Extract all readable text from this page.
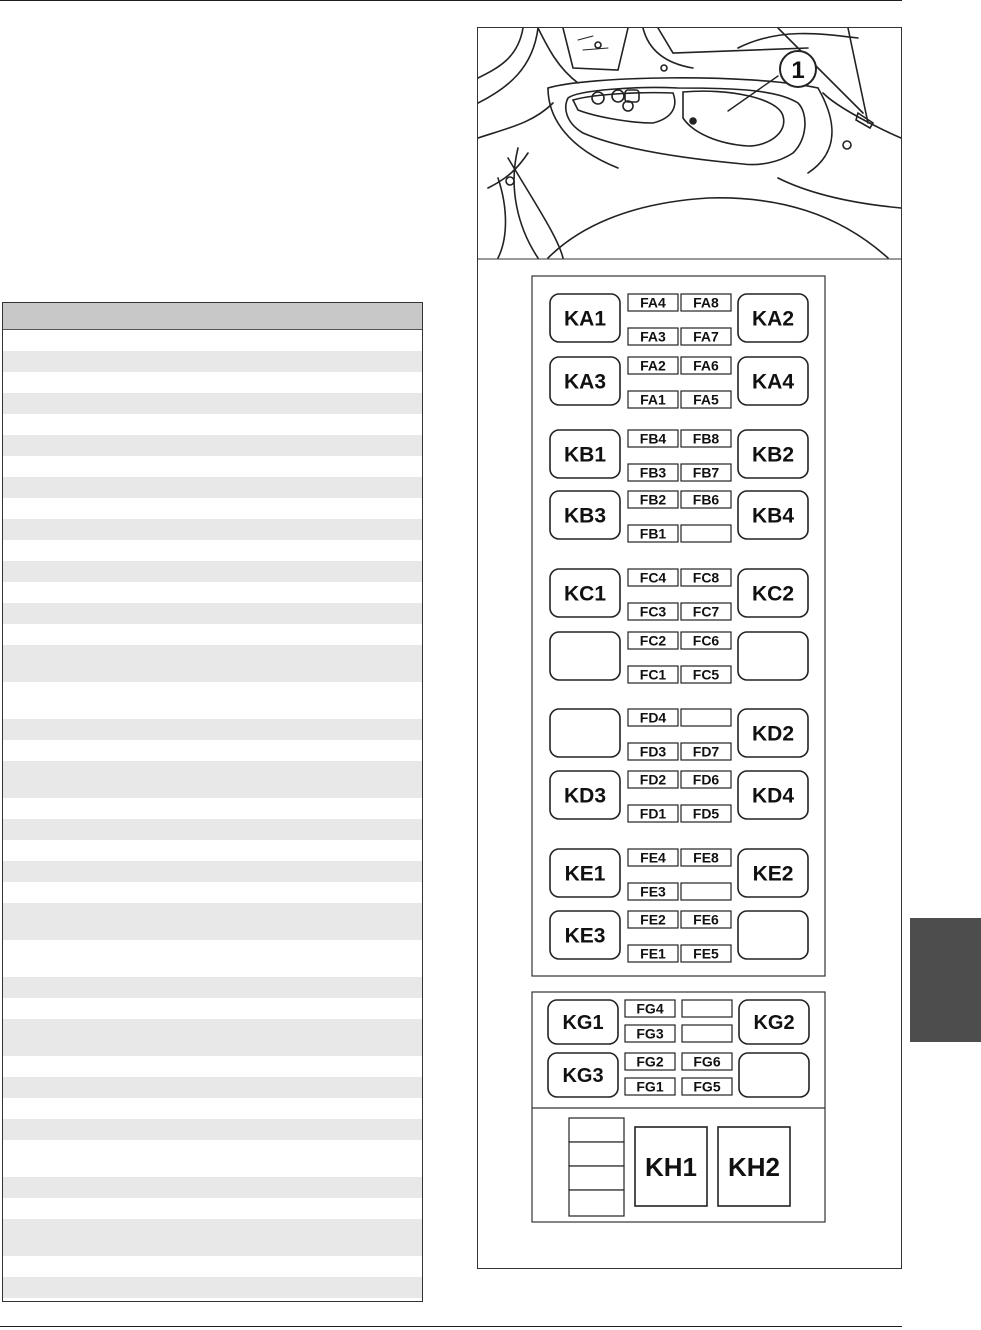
1
KA1	KA2
FA4 FA8
FA3 FA7
KA3	KA4
FA2 FA6
FA1 FA5
KB1	KB2
FB4 FB8
FB3 FB7
KB3	KB4
FB2 FB6
FB1
KC1	KC2
FC4 FC8
FC3 FC7
FC2 FC6
FC1 FC5
KD2
FD4
FD3 FD7
KD3	KD4
FD2 FD6
FD1 FD5
KE1	KE2
FE4 FE8
FE3
KE3
FE2 FE6
FE1 FE5
KG1	KG2
FG4
FG3
KG3
FG2 FG6
FG1 FG5
KH1 KH2
